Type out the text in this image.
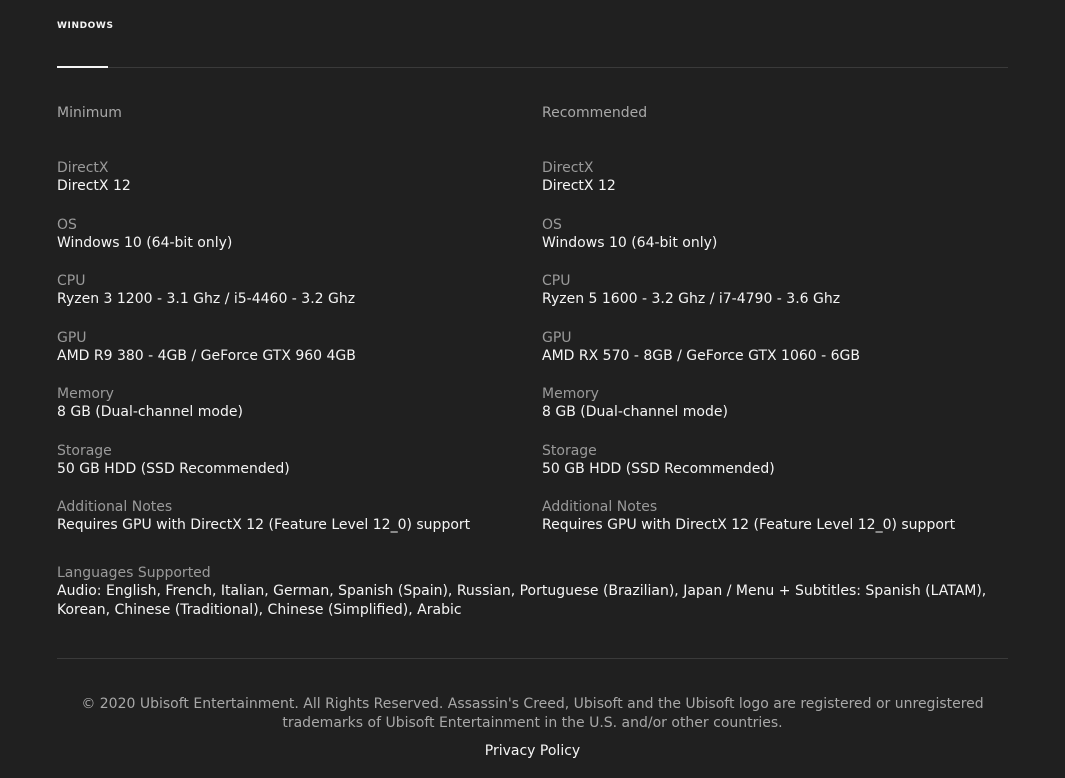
WINDOWS
Minimum
DirectX
DirectX 12
OS
Windows 10 (64-bit only)
CPU
Ryzen 3 1200 - 3.1 Ghz / i5-4460 - 3.2 Ghz
GPU
AMD R9 380 - 4GB / GeForce GTX 960 4GB
Memory
8 GB (Dual-channel mode)
Storage
50 GB HDD (SSD Recommended)
Additional Notes
Requires GPU with DirectX 12 (Feature Level 12_0) support
Recommended
DirectX
DirectX 12
OS
Windows 10 (64-bit only)
CPU
Ryzen 5 1600 - 3.2 Ghz / i7-4790 - 3.6 Ghz
GPU
AMD RX 570 - 8GB / GeForce GTX 1060 - 6GB
Memory
8 GB (Dual-channel mode)
Storage
50 GB HDD (SSD Recommended)
Additional Notes
Requires GPU with DirectX 12 (Feature Level 12_0) support
Languages Supported
Audio: English, French, Italian, German, Spanish (Spain), Russian, Portuguese (Brazilian), Japan / Menu + Subtitles: Spanish (LATAM), Korean, Chinese (Traditional), Chinese (Simplified), Arabic
© 2020 Ubisoft Entertainment. All Rights Reserved. Assassin's Creed, Ubisoft and the Ubisoft logo are registered or unregistered
trademarks of Ubisoft Entertainment in the U.S. and/or other countries.
Privacy Policy
